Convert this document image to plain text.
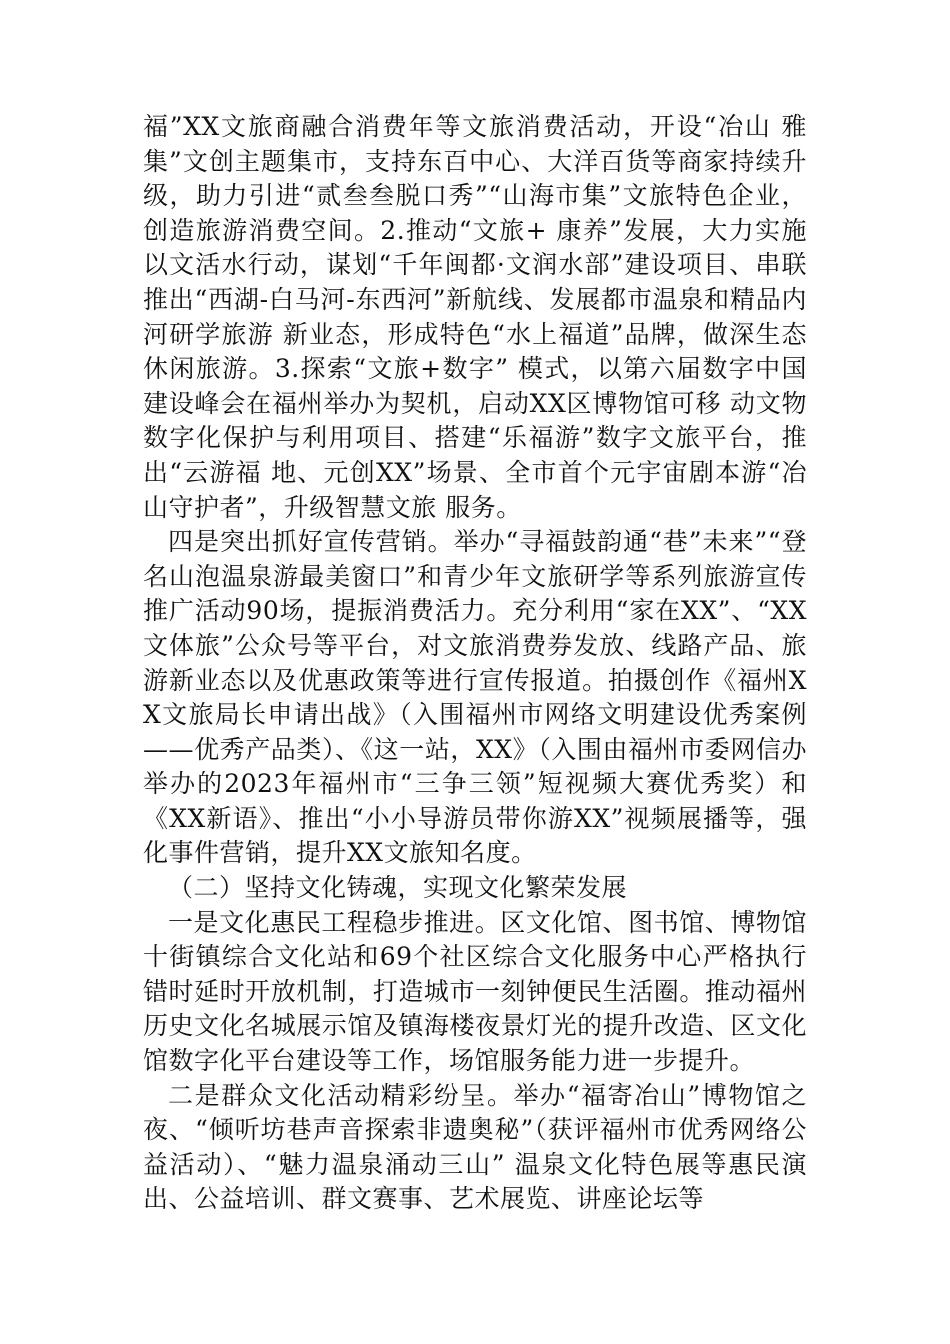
福”XX文旅商融合消费年等文旅消费活动，开设“冶山 雅集”文创主题集市，支持东百中心、大洋百货等商家持续升级，助力引进“贰叁叁脱口秀”“山海市集”文旅特色企业，创造旅游消费空间。2.推动“文旅+ 康养”发展，大力实施以文活水行动，谋划“千年闽都·文润水部”建设项目、串联推出“西湖-白马河-东西河”新航线、发展都市温泉和精品内河研学旅游 新业态，形成特色“水上福道”品牌，做深生态休闲旅游。3.探索“文旅+数字” 模式，以第六届数字中国建设峰会在福州举办为契机，启动XX区博物馆可移 动文物数字化保护与利用项目、搭建“乐福游”数字文旅平台，推出“云游福 地、元创XX”场景、全市首个元宇宙剧本游“冶山守护者”，升级智慧文旅 服务。

四是突出抓好宣传营销。举办“寻福鼓韵通“巷”未来”“登名山泡温泉游最美窗口”和青少年文旅研学等系列旅游宣传推广活动90场，提振消费活力。充分利用“家在XX”、“XX文体旅”公众号等平台，对文旅消费券发放、线路产品、旅游新业态以及优惠政策等进行宣传报道。拍摄创作《福州XX文旅局长申请出战》（入围福州市网络文明建设优秀案例——优秀产品类）、《这一站，XX》（入围由福州市委网信办举办的2023年福州市“三争三领”短视频大赛优秀奖）和《XX新语》、推出“小小导游员带你游XX”视频展播等，强化事件营销，提升XX文旅知名度。

（二）坚持文化铸魂，实现文化繁荣发展

一是文化惠民工程稳步推进。区文化馆、图书馆、博物馆十街镇综合文化站和69个社区综合文化服务中心严格执行错时延时开放机制，打造城市一刻钟便民生活圈。推动福州历史文化名城展示馆及镇海楼夜景灯光的提升改造、区文化馆数字化平台建设等工作，场馆服务能力进一步提升。

二是群众文化活动精彩纷呈。举办“福寄冶山”博物馆之夜、“倾听坊巷声音探索非遗奥秘”（获评福州市优秀网络公益活动）、“魅力温泉涌动三山” 温泉文化特色展等惠民演出、公益培训、群文赛事、艺术展览、讲座论坛等
